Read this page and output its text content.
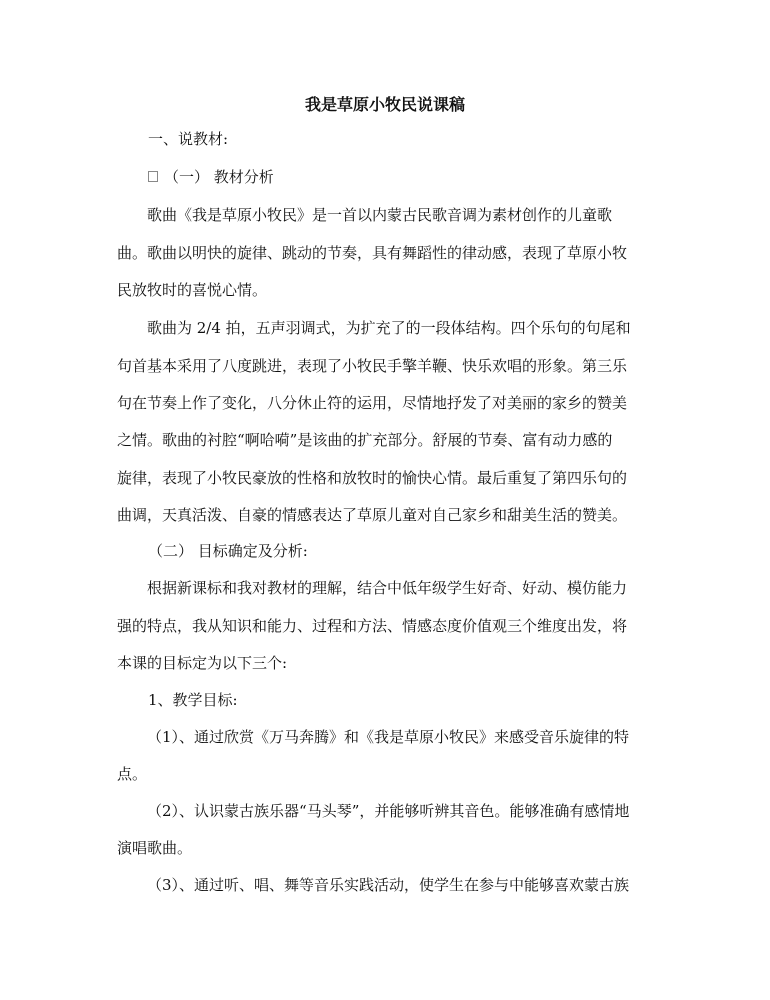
我是草原小牧民说课稿
一、说教材:
（一） 教材分析
歌曲《我是草原小牧民》是一首以内蒙古民歌音调为素材创作的儿童歌
曲。歌曲以明快的旋律、跳动的节奏，具有舞蹈性的律动感，表现了草原小牧
民放牧时的喜悦心情。
歌曲为 2/4 拍，五声羽调式，为扩充了的一段体结构。四个乐句的句尾和
句首基本采用了八度跳进，表现了小牧民手擎羊鞭、快乐欢唱的形象。第三乐
句在节奏上作了变化，八分休止符的运用，尽情地抒发了对美丽的家乡的赞美
之情。歌曲的衬腔“啊哈嗬”是该曲的扩充部分。舒展的节奏、富有动力感的
旋律，表现了小牧民豪放的性格和放牧时的愉快心情。最后重复了第四乐句的
曲调，天真活泼、自豪的情感表达了草原儿童对自己家乡和甜美生活的赞美。
（二） 目标确定及分析:
根据新课标和我对教材的理解，结合中低年级学生好奇、好动、模仿能力
强的特点，我从知识和能力、过程和方法、情感态度价值观三个维度出发，将
本课的目标定为以下三个:
1、教学目标:
（1）、通过欣赏《万马奔腾》和《我是草原小牧民》来感受音乐旋律的特
点。
（2）、认识蒙古族乐器“马头琴”，并能够听辨其音色。能够准确有感情地
演唱歌曲。
（3）、通过听、唱、舞等音乐实践活动，使学生在参与中能够喜欢蒙古族
